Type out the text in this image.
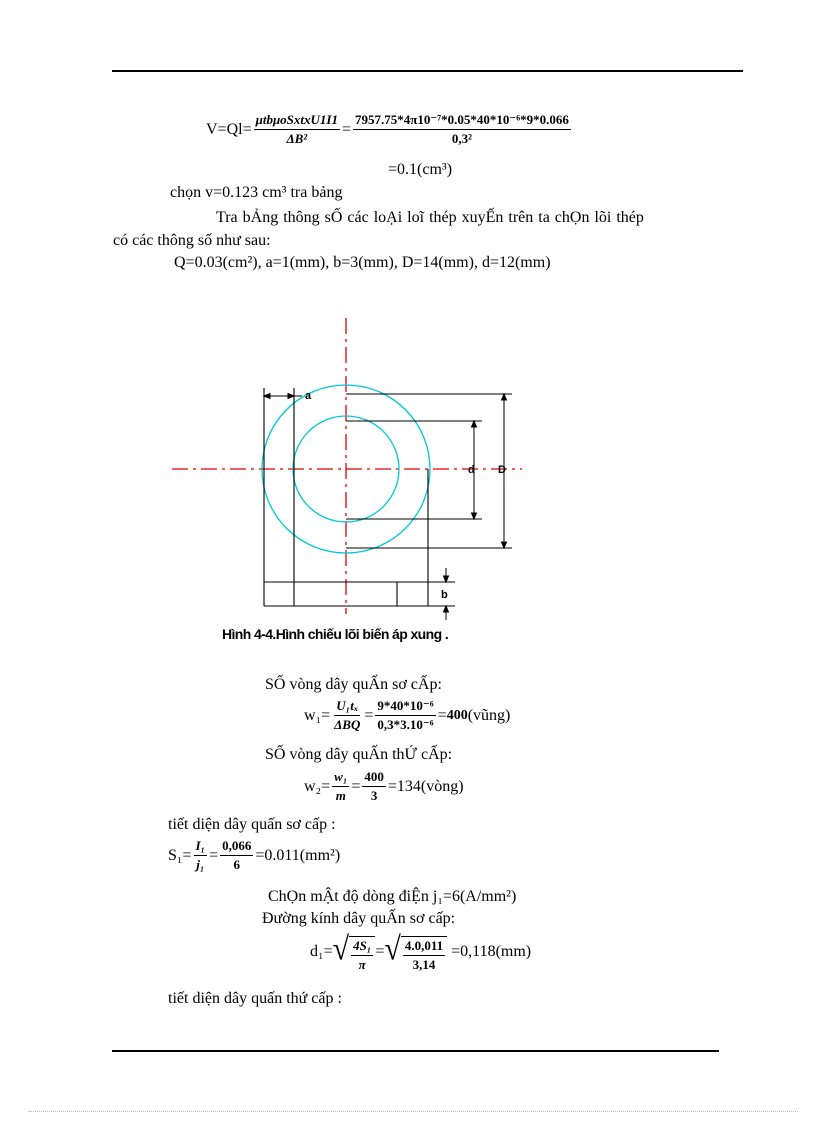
$V=Ql= \frac{\text{μtbμoSxtxU1I1}}{\text{ΔB²}} = \frac{\text{7957.75*4π10⁻⁷*0.05*40*10⁻⁶*9*0.066}}{\text{0,3²}}$
=0.1(cm³)
chọn v=0.123 cm³ tra bảng
Tra bẢng thông sỐ các loẠi loĩ thép xuyẾn trên ta chỌn lõi thép
có các thông số như sau:
Q=0.03(cm²), a=1(mm), b=3(mm), D=14(mm), d=12(mm)
a
d D
b
Hình 4-4.Hình chiếu lõi biến áp xung .
SỐ vòng dây quẤn sơ cẤp:
$w_1= \frac{\text{U₁tₓ}}{\text{ΔBQ}} = \frac{\text{9*40*10⁻⁶}}{\text{0,3*3.10⁻⁶}} = 400$ (vũng)
SỐ vòng dây quẤn thỨ cẤp:
$w_2= \frac{\text{w₁}}{m} = \frac{400}{3}$ =134(vòng)
tiết diện dây quấn sơ cấp :
$S_1= \frac{\text{I₁}}{\text{j₁}} = \frac{0,066}{6} =0.011(mm^2)$
ChỌn mẬt độ dòng điỆn j₁=6(A/mm²)
Đường kính dây quẤn sơ cấp:
d₁= √ $\frac{\text{4S₁}}{\pi}$ = √ $\frac{4.0,011}{3,14} =0,118(mm)$
tiết diện dây quấn thứ cấp :
